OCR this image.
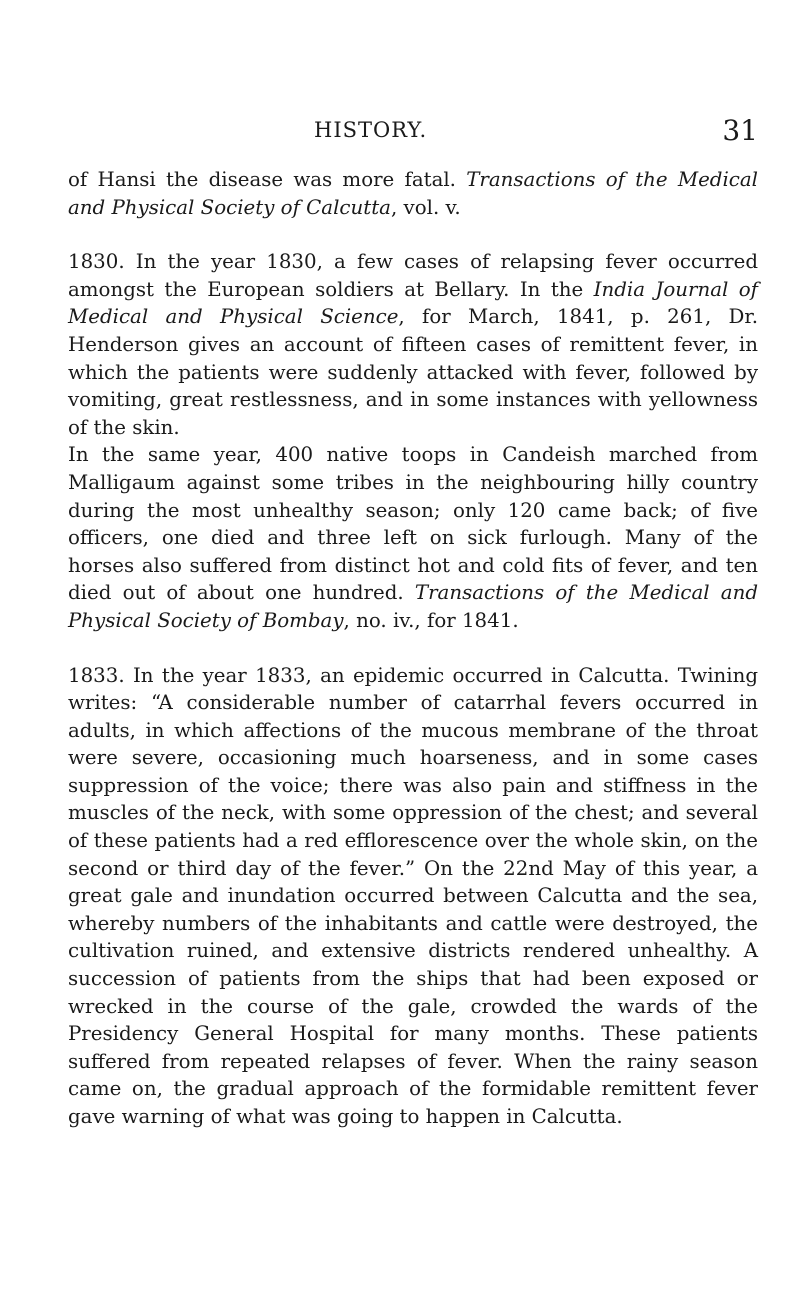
HISTORY.	31

of Hansi the disease was more fatal. Transactions of the Medical and Physical Society of Calcutta, vol. v.

1830. In the year 1830, a few cases of relapsing fever occurred amongst the European soldiers at Bellary. In the India Journal of Medical and Physical Science, for March, 1841, p. 261, Dr. Henderson gives an account of fifteen cases of remittent fever, in which the patients were suddenly attacked with fever, followed by vomiting, great restlessness, and in some instances with yellowness of the skin.

In the same year, 400 native toops in Candeish marched from Malligaum against some tribes in the neighbouring hilly country during the most unhealthy season; only 120 came back; of five officers, one died and three left on sick furlough. Many of the horses also suffered from distinct hot and cold fits of fever, and ten died out of about one hundred. Transactions of the Medical and Physical Society of Bombay, no. iv., for 1841.

1833. In the year 1833, an epidemic occurred in Calcutta. Twining writes: “A considerable number of catarrhal fevers occurred in adults, in which affections of the mucous membrane of the throat were severe, occasioning much hoarseness, and in some cases suppression of the voice; there was also pain and stiffness in the muscles of the neck, with some oppression of the chest; and several of these patients had a red efflorescence over the whole skin, on the second or third day of the fever.” On the 22nd May of this year, a great gale and inundation occurred between Calcutta and the sea, whereby numbers of the inhabitants and cattle were destroyed, the cultivation ruined, and extensive districts rendered unhealthy. A succession of patients from the ships that had been exposed or wrecked in the course of the gale, crowded the wards of the Presidency General Hospital for many months. These patients suffered from repeated relapses of fever. When the rainy season came on, the gradual approach of the formidable remittent fever gave warning of what was going to happen in Calcutta.
